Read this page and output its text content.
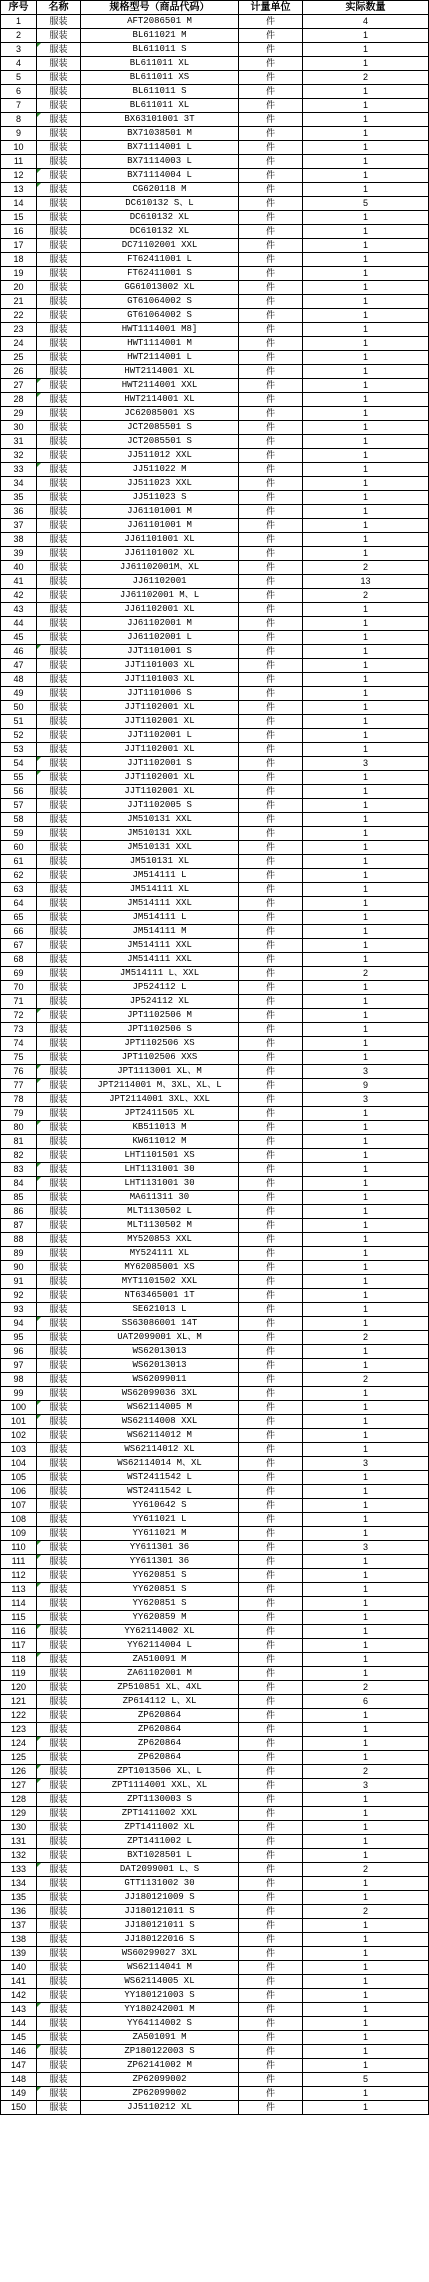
序号	名称	规格型号（商品代码）	计量单位	实际数量
1	服装	AFT2086501 M	件	4
2	服装	BL611021 M	件	1
3	服装	BL611011 S	件	1
4	服装	BL611011 XL	件	1
5	服装	BL611011 XS	件	2
6	服装	BL611011 S	件	1
7	服装	BL611011 XL	件	1
8	服装	BX63101001 3T	件	1
9	服装	BX71038501 M	件	1
10	服装	BX71114001 L	件	1
11	服装	BX71114003 L	件	1
12	服装	BX71114004 L	件	1
13	服装	CG620118 M	件	1
14	服装	DC610132 S、L	件	5
15	服装	DC610132 XL	件	1
16	服装	DC610132 XL	件	1
17	服装	DC71102001 XXL	件	1
18	服装	FT62411001 L	件	1
19	服装	FT62411001 S	件	1
20	服装	GG61013002 XL	件	1
21	服装	GT61064002 S	件	1
22	服装	GT61064002 S	件	1
23	服装	HWT1114001 M8]	件	1
24	服装	HWT1114001 M	件	1
25	服装	HWT2114001 L	件	1
26	服装	HWT2114001 XL	件	1
27	服装	HWT2114001 XXL	件	1
28	服装	HWT2114001 XL	件	1
29	服装	JC62085001 XS	件	1
30	服装	JCT2085501 S	件	1
31	服装	JCT2085501 S	件	1
32	服装	JJ511012 XXL	件	1
33	服装	JJ511022 M	件	1
34	服装	JJ511023 XXL	件	1
35	服装	JJ511023 S	件	1
36	服装	JJ61101001 M	件	1
37	服装	JJ61101001 M	件	1
38	服装	JJ61101001 XL	件	1
39	服装	JJ61101002 XL	件	1
40	服装	JJ61102001M、XL	件	2
41	服装	JJ61102001	件	13
42	服装	JJ61102001 M、L	件	2
43	服装	JJ61102001 XL	件	1
44	服装	JJ61102001 M	件	1
45	服装	JJ61102001 L	件	1
46	服装	JJT1101001 S	件	1
47	服装	JJT1101003 XL	件	1
48	服装	JJT1101003 XL	件	1
49	服装	JJT1101006 S	件	1
50	服装	JJT1102001 XL	件	1
51	服装	JJT1102001 XL	件	1
52	服装	JJT1102001 L	件	1
53	服装	JJT1102001 XL	件	1
54	服装	JJT1102001 S	件	3
55	服装	JJT1102001 XL	件	1
56	服装	JJT1102001 XL	件	1
57	服装	JJT1102005 S	件	1
58	服装	JM510131 XXL	件	1
59	服装	JM510131 XXL	件	1
60	服装	JM510131 XXL	件	1
61	服装	JM510131 XL	件	1
62	服装	JM514111 L	件	1
63	服装	JM514111 XL	件	1
64	服装	JM514111 XXL	件	1
65	服装	JM514111 L	件	1
66	服装	JM514111 M	件	1
67	服装	JM514111 XXL	件	1
68	服装	JM514111 XXL	件	1
69	服装	JM514111 L、XXL	件	2
70	服装	JP524112 L	件	1
71	服装	JP524112 XL	件	1
72	服装	JPT1102506 M	件	1
73	服装	JPT1102506 S	件	1
74	服装	JPT1102506 XS	件	1
75	服装	JPT1102506 XXS	件	1
76	服装	JPT1113001 XL、M	件	3
77	服装	JPT2114001 M、3XL、XL、L	件	9
78	服装	JPT2114001 3XL、XXL	件	3
79	服装	JPT2411505 XL	件	1
80	服装	KB511013 M	件	1
81	服装	KW611012 M	件	1
82	服装	LHT1101501 XS	件	1
83	服装	LHT1131001 30	件	1
84	服装	LHT1131001 30	件	1
85	服装	MA611311 30	件	1
86	服装	MLT1130502 L	件	1
87	服装	MLT1130502 M	件	1
88	服装	MY520853 XXL	件	1
89	服装	MY524111 XL	件	1
90	服装	MY62085001 XS	件	1
91	服装	MYT1101502 XXL	件	1
92	服装	NT63465001 1T	件	1
93	服装	SE621013 L	件	1
94	服装	SS63086001 14T	件	1
95	服装	UAT2099001 XL、M	件	2
96	服装	WS62013013	件	1
97	服装	WS62013013	件	1
98	服装	WS62099011	件	2
99	服装	WS62099036 3XL	件	1
100	服装	WS62114005 M	件	1
101	服装	WS62114008 XXL	件	1
102	服装	WS62114012 M	件	1
103	服装	WS62114012 XL	件	1
104	服装	WS62114014 M、XL	件	3
105	服装	WST2411542 L	件	1
106	服装	WST2411542 L	件	1
107	服装	YY610642 S	件	1
108	服装	YY611021 L	件	1
109	服装	YY611021 M	件	1
110	服装	YY611301 36	件	3
111	服装	YY611301 36	件	1
112	服装	YY620851 S	件	1
113	服装	YY620851 S	件	1
114	服装	YY620851 S	件	1
115	服装	YY620859 M	件	1
116	服装	YY62114002 XL	件	1
117	服装	YY62114004 L	件	1
118	服装	ZA510091 M	件	1
119	服装	ZA61102001 M	件	1
120	服装	ZP510851 XL、4XL	件	2
121	服装	ZP614112 L、XL	件	6
122	服装	ZP620864	件	1
123	服装	ZP620864	件	1
124	服装	ZP620864	件	1
125	服装	ZP620864	件	1
126	服装	ZPT1013506 XL、L	件	2
127	服装	ZPT1114001 XXL、XL	件	3
128	服装	ZPT1130003 S	件	1
129	服装	ZPT1411002 XXL	件	1
130	服装	ZPT1411002 XL	件	1
131	服装	ZPT1411002 L	件	1
132	服装	BXT1028501 L	件	1
133	服装	DAT2099001 L、S	件	2
134	服装	GTT1131002 30	件	1
135	服装	JJ180121009 S	件	1
136	服装	JJ180121011 S	件	2
137	服装	JJ180121011 S	件	1
138	服装	JJ180122016 S	件	1
139	服装	WS60299027 3XL	件	1
140	服装	WS62114041 M	件	1
141	服装	WS62114005 XL	件	1
142	服装	YY180121003 S	件	1
143	服装	YY180242001 M	件	1
144	服装	YY64114002 S	件	1
145	服装	ZA501091 M	件	1
146	服装	ZP180122003 S	件	1
147	服装	ZP62141002 M	件	1
148	服装	ZP62099002	件	5
149	服装	ZP62099002	件	1
150	服装	JJ5110212 XL	件	1
